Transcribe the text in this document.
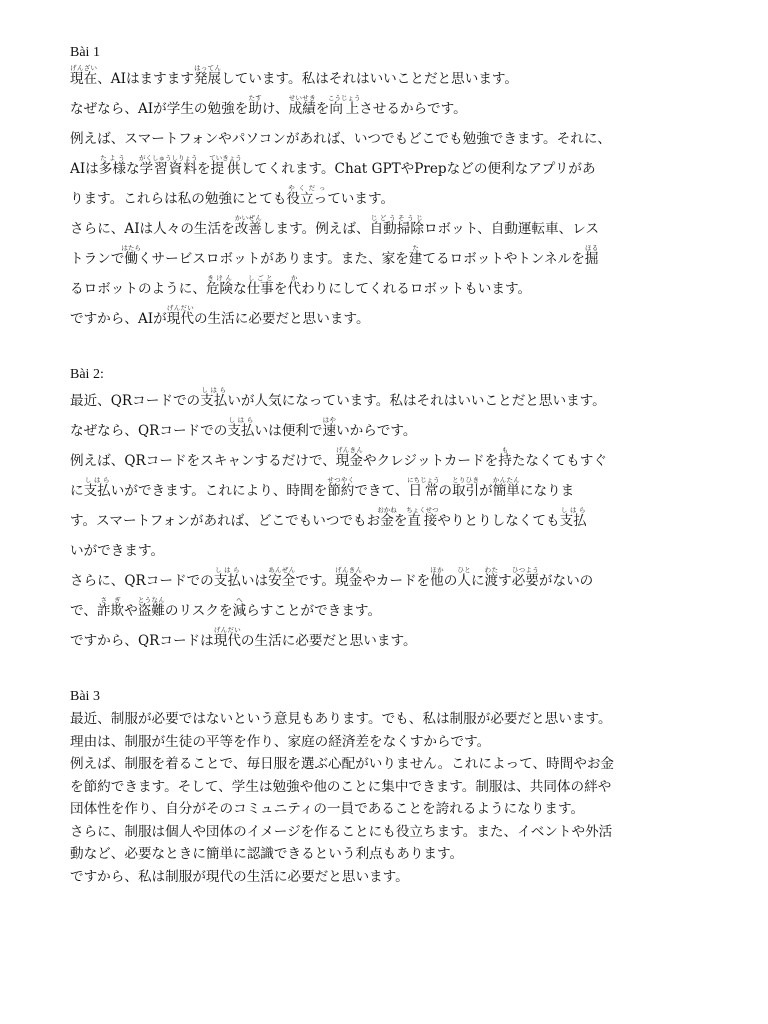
Bài 1
現在げんざい、AIはますます発展はってんしています。私はそれはいいことだと思います。
なぜなら、AIが学生の勉強を助たすけ、成績せいせきを向上こうじょうさせるからです。
例えば、スマートフォンやパソコンがあれば、いつでもどこでも勉強できます。それに、
AIは多様たような学習資料がくしゅうしりょうを提供ていきょうしてくれます。Chat GPTやPrepなどの便利なアプリがあ
ります。これらは私の勉強にとても役立っやくだっています。
さらに、AIは人々の生活を改善かいぜんします。例えば、自動掃除じどうそうじロボット、自動運転車、レス
トランで働はたらくサービスロボットがあります。また、家を建たてるロボットやトンネルを掘ほる
るロボットのように、危険きけんな仕事しごとを代かわりにしてくれるロボットもいます。
ですから、AIが現代げんだいの生活に必要だと思います。
Bài 2:
最近、QRコードでの支払しはらいが人気になっています。私はそれはいいことだと思います。
なぜなら、QRコードでの支払しはらいは便利で速はやいからです。
例えば、QRコードをスキャンするだけで、現金げんきんやクレジットカードを持もたなくてもすぐ
に支払しはらいができます。これにより、時間を節約せつやくできて、日常にちじょうの取引とりひきが簡単かんたんになりま
す。スマートフォンがあれば、どこでもいつでもお金おかねを直接ちょくせつやりとりしなくても支払しはら
いができます。
さらに、QRコードでの支払しはらいは安全あんぜんです。現金げんきんやカードを他ほかの人ひとに渡わたす必要ひつようがないの
で、詐欺さぎや盗難とうなんのリスクを減へらすことができます。
ですから、QRコードは現代げんだいの生活に必要だと思います。
Bài 3
最近、制服が必要ではないという意見もあります。でも、私は制服が必要だと思います。
理由は、制服が生徒の平等を作り、家庭の経済差をなくすからです。
例えば、制服を着ることで、毎日服を選ぶ心配がいりません。これによって、時間やお金
を節約できます。そして、学生は勉強や他のことに集中できます。制服は、共同体の絆や
団体性を作り、自分がそのコミュニティの一員であることを誇れるようになります。
さらに、制服は個人や団体のイメージを作ることにも役立ちます。また、イベントや外活
動など、必要なときに簡単に認識できるという利点もあります。
ですから、私は制服が現代の生活に必要だと思います。
